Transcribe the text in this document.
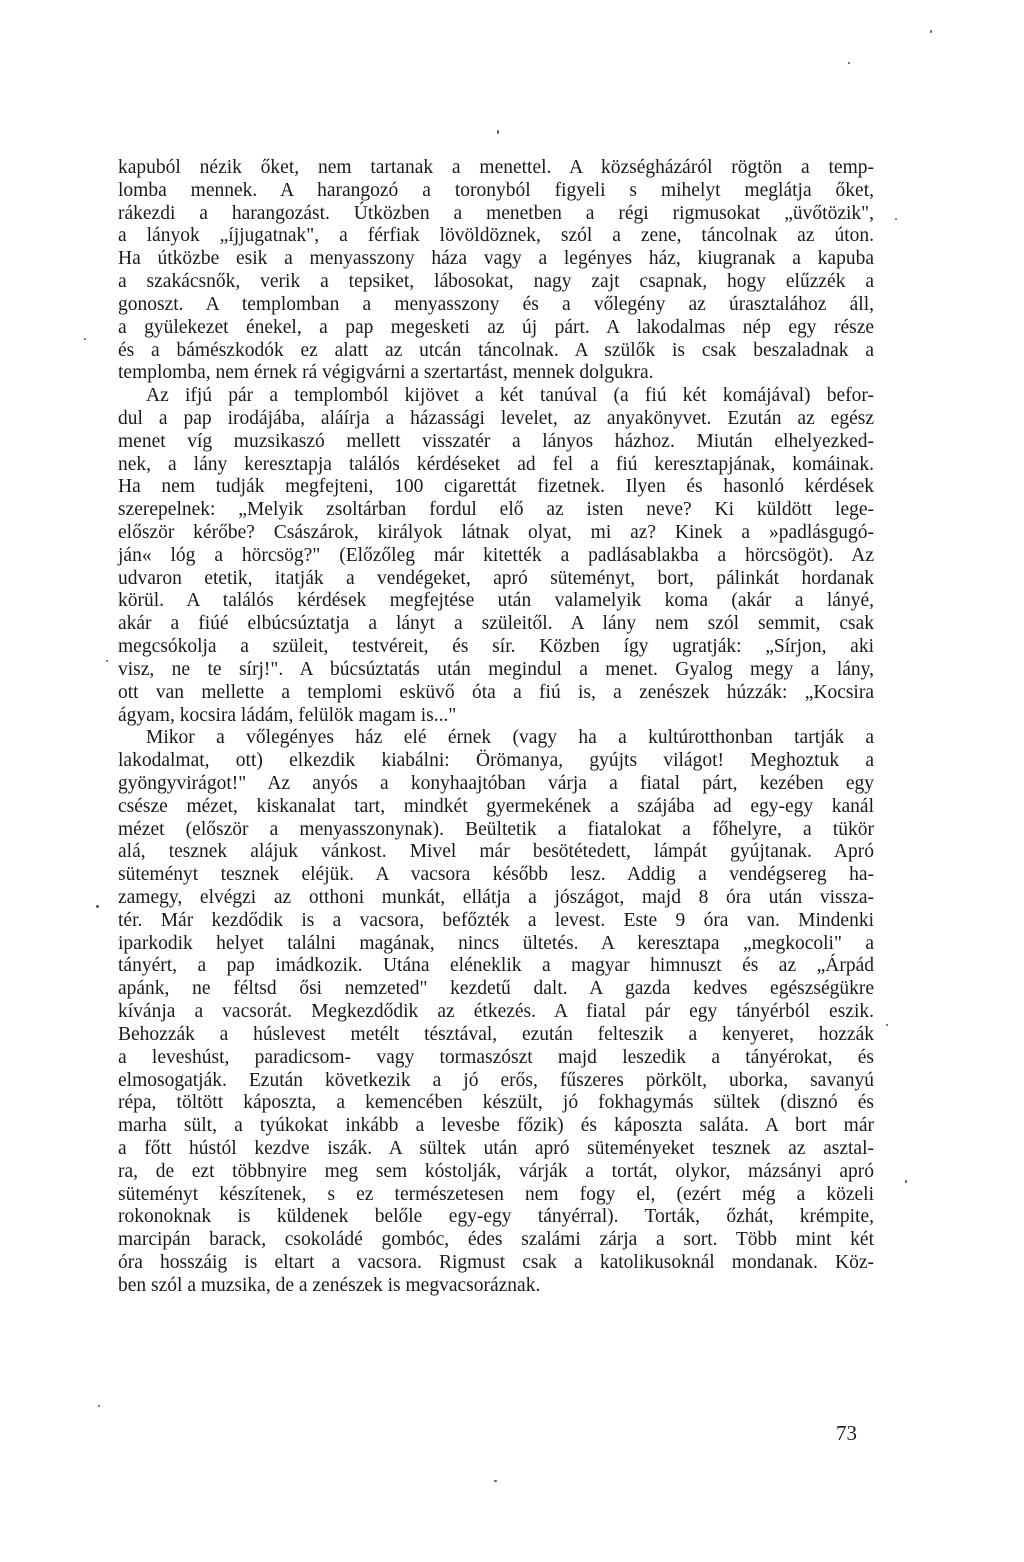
kapuból nézik őket, nem tartanak a menettel. A községházáról rögtön a temp-
lomba mennek. A harangozó a toronyból figyeli s mihelyt meglátja őket,
rákezdi a harangozást. Útközben a menetben a régi rigmusokat „üvőtözik",
a lányok „íjjugatnak", a férfiak lövöldöznek, szól a zene, táncolnak az úton.
Ha útközbe esik a menyasszony háza vagy a legényes ház, kiugranak a kapuba
a szakácsnők, verik a tepsiket, lábosokat, nagy zajt csapnak, hogy elűzzék a
gonoszt. A templomban a menyasszony és a vőlegény az úrasztalához áll,
a gyülekezet énekel, a pap megesketi az új párt. A lakodalmas nép egy része
és a bámészkodók ez alatt az utcán táncolnak. A szülők is csak beszaladnak a
templomba, nem érnek rá végigvárni a szertartást, mennek dolgukra.
Az ifjú pár a templomból kijövet a két tanúval (a fiú két komájával) befor-
dul a pap irodájába, aláírja a házassági levelet, az anyakönyvet. Ezután az egész
menet víg muzsikaszó mellett visszatér a lányos házhoz. Miután elhelyezked-
nek, a lány keresztapja találós kérdéseket ad fel a fiú keresztapjának, komáinak.
Ha nem tudják megfejteni, 100 cigarettát fizetnek. Ilyen és hasonló kérdések
szerepelnek: „Melyik zsoltárban fordul elő az isten neve? Ki küldött lege-
először kérőbe? Császárok, királyok látnak olyat, mi az? Kinek a »padlásgugó-
ján« lóg a hörcsög?" (Előzőleg már kitették a padlásablakba a hörcsögöt). Az
udvaron etetik, itatják a vendégeket, apró süteményt, bort, pálinkát hordanak
körül. A találós kérdések megfejtése után valamelyik koma (akár a lányé,
akár a fiúé elbúcsúztatja a lányt a szüleitől. A lány nem szól semmit, csak
megcsókolja a szüleit, testvéreit, és sír. Közben így ugratják: „Sírjon, aki
visz, ne te sírj!". A búcsúztatás után megindul a menet. Gyalog megy a lány,
ott van mellette a templomi esküvő óta a fiú is, a zenészek húzzák: „Kocsira
ágyam, kocsira ládám, felülök magam is..."
Mikor a vőlegényes ház elé érnek (vagy ha a kultúrotthonban tartják a
lakodalmat, ott) elkezdik kiabálni: Örömanya, gyújts világot! Meghoztuk a
gyöngyvirágot!" Az anyós a konyhaajtóban várja a fiatal párt, kezében egy
csésze mézet, kiskanalat tart, mindkét gyermekének a szájába ad egy-egy kanál
mézet (először a menyasszonynak). Beültetik a fiatalokat a főhelyre, a tükör
alá, tesznek alájuk vánkost. Mivel már besötétedett, lámpát gyújtanak. Apró
süteményt tesznek eléjük. A vacsora később lesz. Addig a vendégsereg ha-
zamegy, elvégzi az otthoni munkát, ellátja a jószágot, majd 8 óra után vissza-
tér. Már kezdődik is a vacsora, befőzték a levest. Este 9 óra van. Mindenki
iparkodik helyet találni magának, nincs ültetés. A keresztapa „megkocoli" a
tányért, a pap imádkozik. Utána eléneklik a magyar himnuszt és az „Árpád
apánk, ne féltsd ősi nemzeted" kezdetű dalt. A gazda kedves egészségükre
kívánja a vacsorát. Megkezdődik az étkezés. A fiatal pár egy tányérból eszik.
Behozzák a húslevest metélt tésztával, ezután felteszik a kenyeret, hozzák
a leveshúst, paradicsom- vagy tormaszószt majd leszedik a tányérokat, és
elmosogatják. Ezután következik a jó erős, fűszeres pörkölt, uborka, savanyú
répa, töltött káposzta, a kemencében készült, jó fokhagymás sültek (disznó és
marha sült, a tyúkokat inkább a levesbe főzik) és káposzta saláta. A bort már
a főtt hústól kezdve iszák. A sültek után apró süteményeket tesznek az asztal-
ra, de ezt többnyire meg sem kóstolják, várják a tortát, olykor, mázsányi apró
süteményt készítenek, s ez természetesen nem fogy el, (ezért még a közeli
rokonoknak is küldenek belőle egy-egy tányérral). Torták, őzhát, krémpite,
marcipán barack, csokoládé gombóc, édes szalámi zárja a sort. Több mint két
óra hosszáig is eltart a vacsora. Rigmust csak a katolikusoknál mondanak. Köz-
ben szól a muzsika, de a zenészek is megvacsoráznak.
73
